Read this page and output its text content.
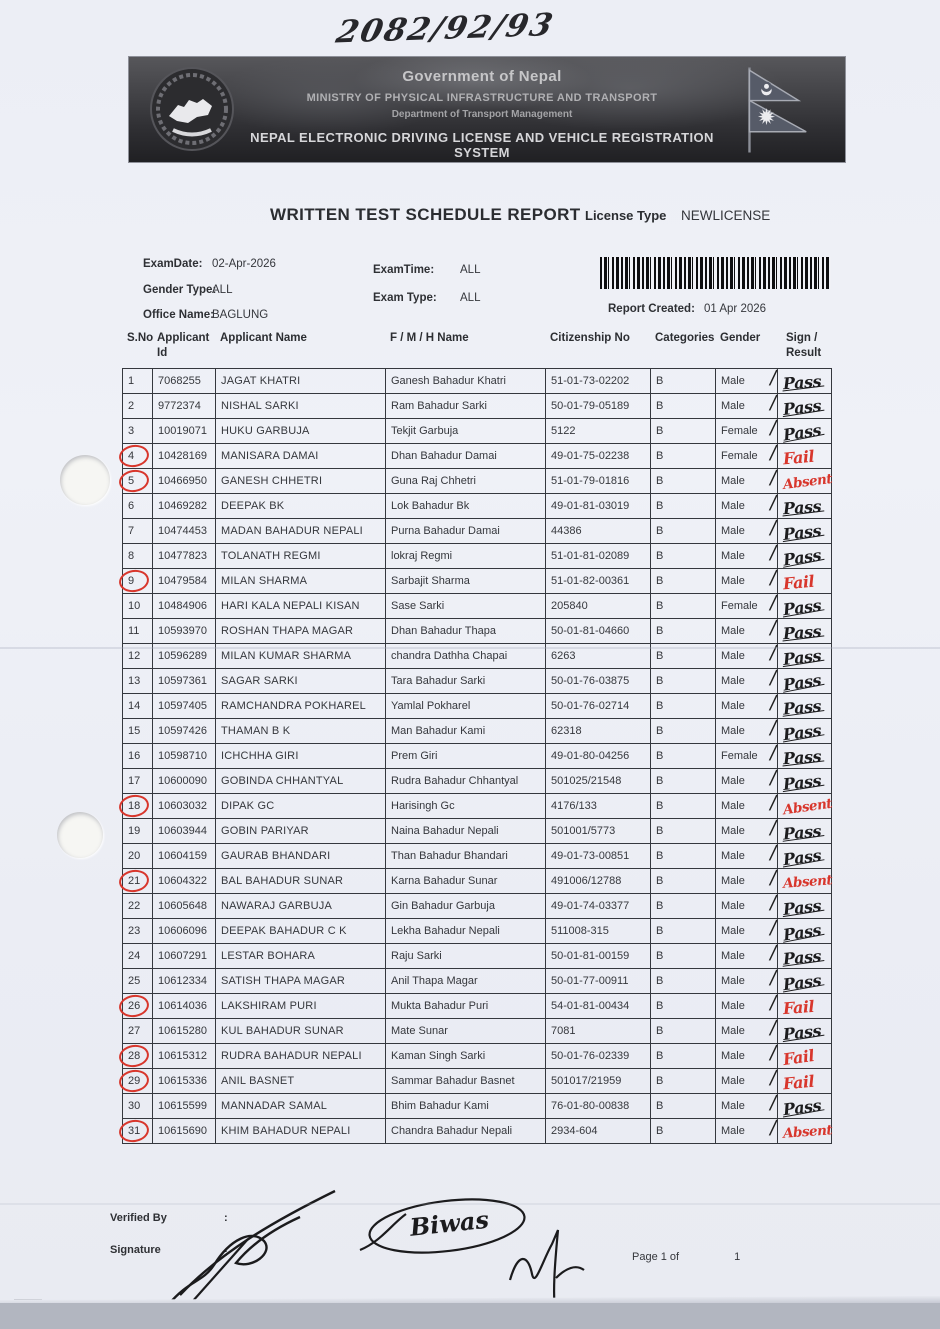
2082/92/93
Government of Nepal
MINISTRY OF PHYSICAL INFRASTRUCTURE AND TRANSPORT
Department of Transport Management
NEPAL ELECTRONIC DRIVING LICENSE AND VEHICLE REGISTRATION SYSTEM
WRITTEN TEST SCHEDULE REPORT License Type NEWLICENSE
ExamDate: 02-Apr-2026	ExamTime: ALL
Gender Type:
ALL
Exam Type: ALL
Office Name:
BAGLUNG	Report Created: 01 Apr 2026
S.No Applicant
Id
Applicant Name	F / M / H Name	Citizenship No	Categories Gender	Sign /
Result
1	7068255	JAGAT KHATRI	Ganesh Bahadur Khatri	51-01-73-02202	B	Male	/ Pass
2	9772374	NISHAL SARKI	Ram Bahadur Sarki	50-01-79-05189	B	Male	/ Pass
3	10019071	HUKU GARBUJA	Tekjit Garbuja	5122	B	Female	/ Pass

4	10428169	MANISARA DAMAI	Dhan Bahadur Damai	49-01-75-02238	B	Female	/ Fail

5	10466950	GANESH CHHETRI	Guna Raj Chhetri	51-01-79-01816	B	Male	/ Absent
6	10469282	DEEPAK BK	Lok Bahadur Bk	49-01-81-03019	B	Male	/ Pass
7	10474453	MADAN BAHADUR NEPALI	Purna Bahadur Damai	44386	B	Male	/ Pass
8	10477823	TOLANATH REGMI	lokraj Regmi	51-01-81-02089	B	Male	/ Pass

9	10479584	MILAN SHARMA	Sarbajit Sharma	51-01-82-00361	B	Male	/ Fail
10	10484906	HARI KALA NEPALI KISAN	Sase Sarki	205840	B	Female	/ Pass
11	10593970	ROSHAN THAPA MAGAR	Dhan Bahadur Thapa	50-01-81-04660	B	Male	/ Pass
12	10596289	MILAN KUMAR SHARMA	chandra Dathha Chapai	6263	B	Male	/ Pass
13	10597361	SAGAR SARKI	Tara Bahadur Sarki	50-01-76-03875	B	Male	/ Pass
14	10597405	RAMCHANDRA POKHAREL	Yamlal Pokharel	50-01-76-02714	B	Male	/ Pass
15	10597426	THAMAN B K	Man Bahadur Kami	62318	B	Male	/ Pass
16	10598710	ICHCHHA GIRI	Prem Giri	49-01-80-04256	B	Female	/ Pass
17	10600090	GOBINDA CHHANTYAL	Rudra Bahadur Chhantyal	501025/21548	B	Male	/ Pass

18	10603032	DIPAK GC	Harisingh Gc	4176/133	B	Male	/ Absent
19	10603944	GOBIN PARIYAR	Naina Bahadur Nepali	501001/5773	B	Male	/ Pass
20	10604159	GAURAB BHANDARI	Than Bahadur Bhandari	49-01-73-00851	B	Male	/ Pass

21	10604322	BAL BAHADUR SUNAR	Karna Bahadur Sunar	491006/12788	B	Male	/ Absent
22	10605648	NAWARAJ GARBUJA	Gin Bahadur Garbuja	49-01-74-03377	B	Male	/ Pass
23	10606096	DEEPAK BAHADUR C K	Lekha Bahadur Nepali	511008-315	B	Male	/ Pass
24	10607291	LESTAR BOHARA	Raju Sarki	50-01-81-00159	B	Male	/ Pass
25	10612334	SATISH THAPA MAGAR	Anil Thapa Magar	50-01-77-00911	B	Male	/ Pass

26	10614036	LAKSHIRAM PURI	Mukta Bahadur Puri	54-01-81-00434	B	Male	/ Fail
27	10615280	KUL BAHADUR SUNAR	Mate Sunar	7081	B	Male	/ Pass

28	10615312	RUDRA BAHADUR NEPALI	Kaman Singh Sarki	50-01-76-02339	B	Male	/ Fail

29	10615336	ANIL BASNET	Sammar Bahadur Basnet	501017/21959	B	Male	/ Fail
30	10615599	MANNADAR SAMAL	Bhim Bahadur Kami	76-01-80-00838	B	Male	/ Pass

31	10615690	KHIM BAHADUR NEPALI	Chandra Bahadur Nepali	2934-604	B	Male	/ Absent
Verified By	:
Signature	:
Biwas
Page 1 of	1
